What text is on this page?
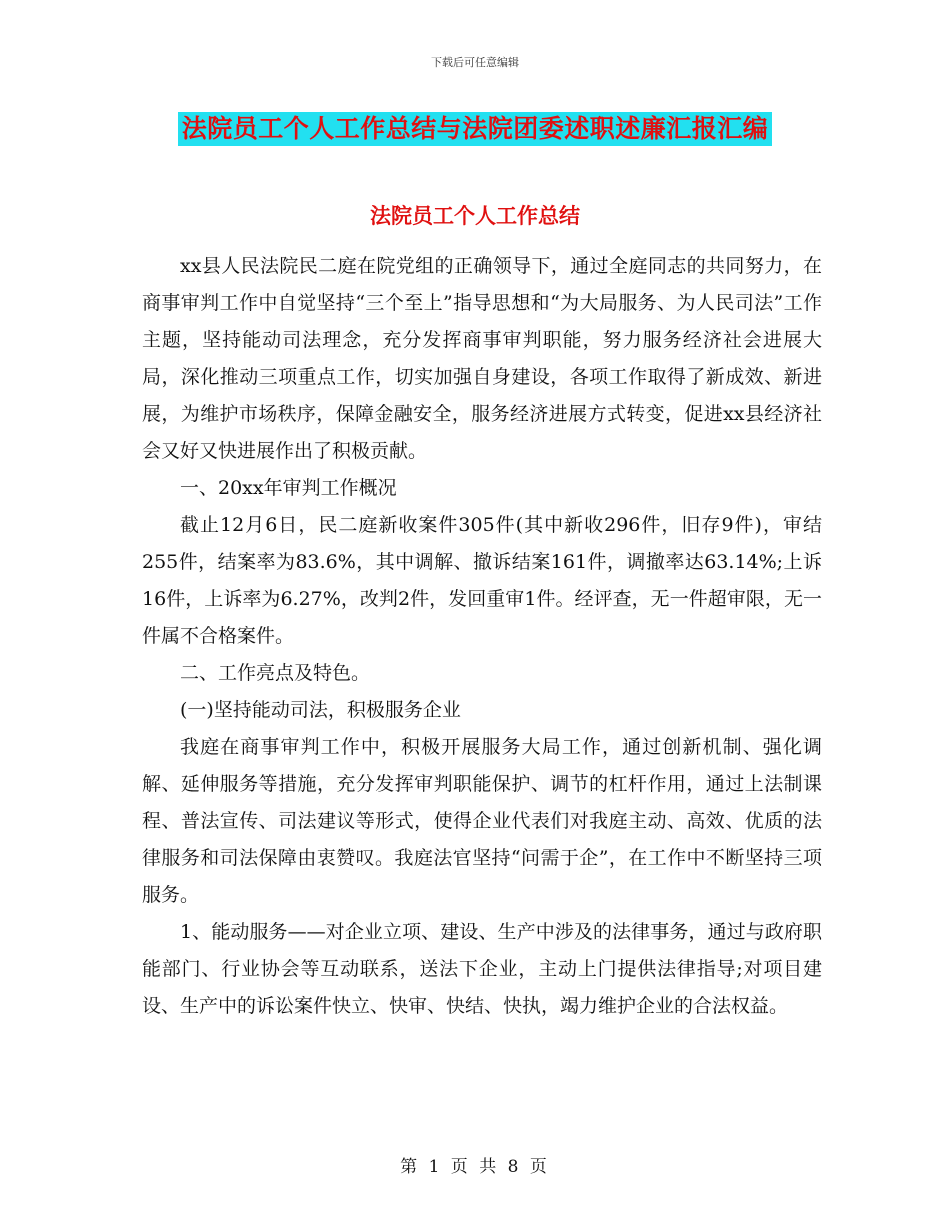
下载后可任意编辑
法院员工个人工作总结与法院团委述职述廉汇报汇编
法院员工个人工作总结

xx县人民法院民二庭在院党组的正确领导下，通过全庭同志的共同努力，在商事审判工作中自觉坚持“三个至上”指导思想和“为大局服务、为人民司法”工作主题，坚持能动司法理念，充分发挥商事审判职能，努力服务经济社会进展大局，深化推动三项重点工作，切实加强自身建设，各项工作取得了新成效、新进展，为维护市场秩序，保障金融安全，服务经济进展方式转变，促进xx县经济社会又好又快进展作出了积极贡献。

一、20xx年审判工作概况

截止12月6日，民二庭新收案件305件(其中新收296件，旧存9件)，审结255件，结案率为83.6%，其中调解、撤诉结案161件，调撤率达63.14%;上诉16件，上诉率为6.27%，改判2件，发回重审1件。经评查，无一件超审限，无一件属不合格案件。

二、工作亮点及特色。

(一)坚持能动司法，积极服务企业

我庭在商事审判工作中，积极开展服务大局工作，通过创新机制、强化调解、延伸服务等措施，充分发挥审判职能保护、调节的杠杆作用，通过上法制课程、普法宣传、司法建议等形式，使得企业代表们对我庭主动、高效、优质的法律服务和司法保障由衷赞叹。我庭法官坚持“问需于企”，在工作中不断坚持三项服务。

1、能动服务——对企业立项、建设、生产中涉及的法律事务，通过与政府职能部门、行业协会等互动联系，送法下企业，主动上门提供法律指导;对项目建设、生产中的诉讼案件快立、快审、快结、快执，竭力维护企业的合法权益。

第 1 页 共 8 页
